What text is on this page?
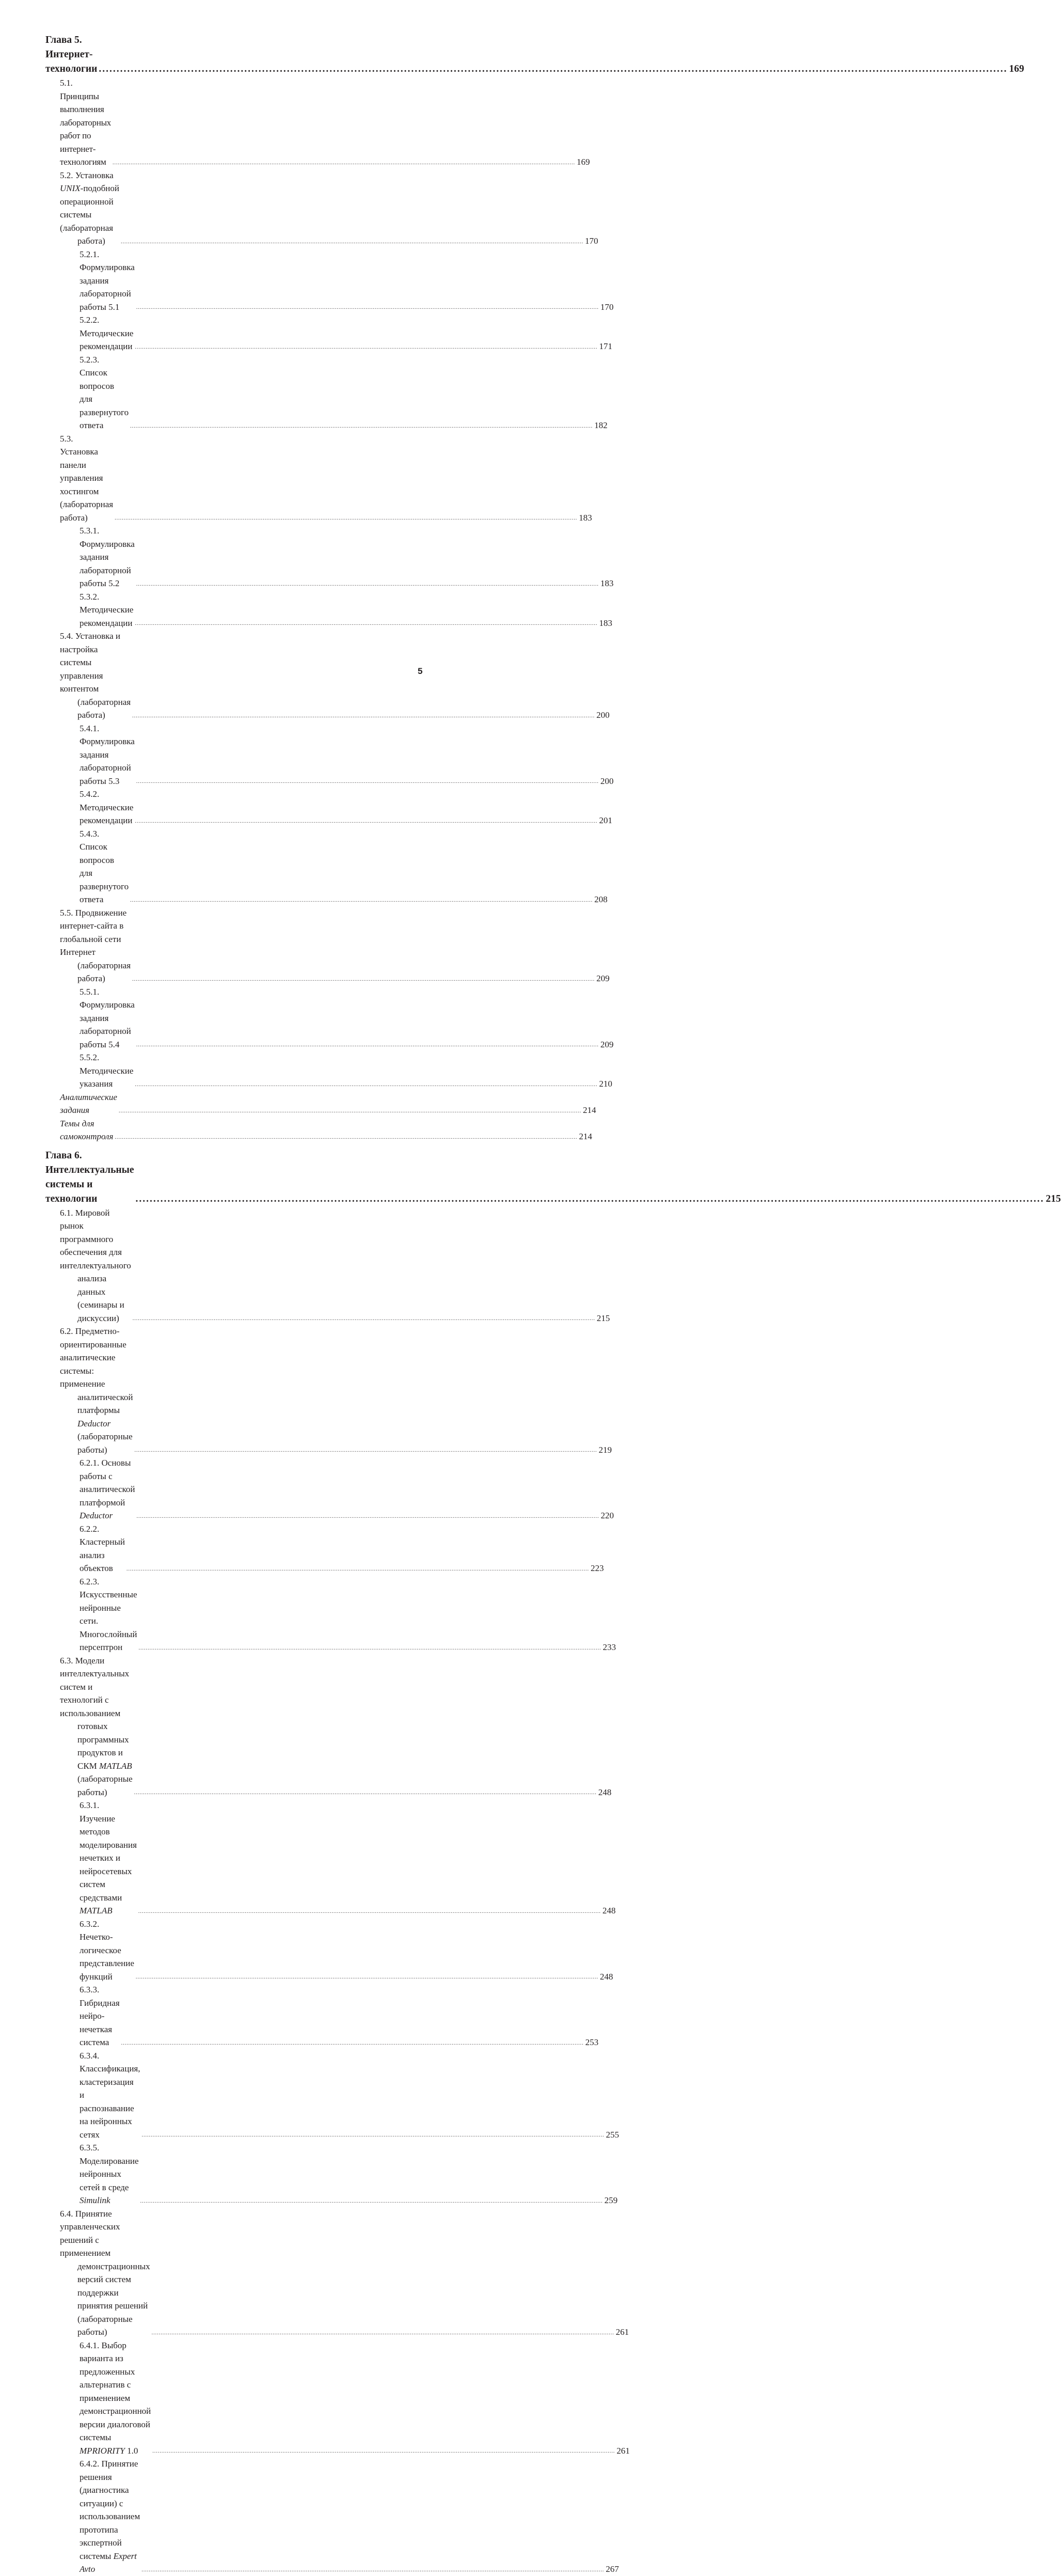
Глава 5. Интернет-технологии .....	169
5.1. Принципы выполнения лабораторных работ по интернет-технологиям .....	169
5.2. Установка UNIX-подобной операционной системы (лабораторная
работа) .....	170
5.2.1. Формулировка задания лабораторной работы 5.1 .....	170
5.2.2. Методические рекомендации .....	171
5.2.3. Список вопросов для развернутого ответа .....	182
5.3. Установка панели управления хостингом (лабораторная работа) .....	183
5.3.1. Формулировка задания лабораторной работы 5.2 .....	183
5.3.2. Методические рекомендации .....	183
5.4. Установка и настройка системы управления контентом
(лабораторная работа) .....	200
5.4.1. Формулировка задания лабораторной работы 5.3 .....	200
5.4.2. Методические рекомендации .....	201
5.4.3. Список вопросов для развернутого ответа .....	208
5.5. Продвижение интернет-сайта в глобальной сети Интернет
(лабораторная работа) .....	209
5.5.1. Формулировка задания лабораторной работы 5.4 .....	209
5.5.2. Методические указания .....	210
Аналитические задания .....	214
Темы для самоконтроля .....	214
Глава 6. Интеллектуальные системы и технологии .....	215
6.1. Мировой рынок программного обеспечения для интеллектуального
анализа данных (семинары и дискуссии) .....	215
6.2. Предметно-ориентированные аналитические системы: применение
аналитической платформы Deductor (лабораторные работы) .....	219
6.2.1. Основы работы с аналитической платформой Deductor .....	220
6.2.2. Кластерный анализ объектов .....	223
6.2.3. Искусственные нейронные сети. Многослойный персептрон .....	233
6.3. Модели интеллектуальных систем и технологий с использованием
готовых программных продуктов и СКМ MATLAB (лабораторные
работы) .....	248
6.3.1. Изучение методов моделирования нечетких и нейросетевых
систем средствами MATLAB .....	248
6.3.2. Нечетко-логическое представление функций .....	248
6.3.3. Гибридная нейро-нечеткая система .....	253
6.3.4. Классификация, кластеризация и распознавание на нейронных
сетях .....	255
6.3.5. Моделирование нейронных сетей в среде Simulink .....	259
6.4. Принятие управленческих решений с применением
демонстрационных версий систем поддержки принятия решений
(лабораторные работы) .....	261
6.4.1. Выбор варианта из предложенных альтернатив с применением
демонстрационной версии диалоговой системы MPRIORITY 1.0 .....	261
6.4.2. Принятие решения (диагностика ситуации) с использованием
прототипа экспертной системы Expert Avto .....	267
5
